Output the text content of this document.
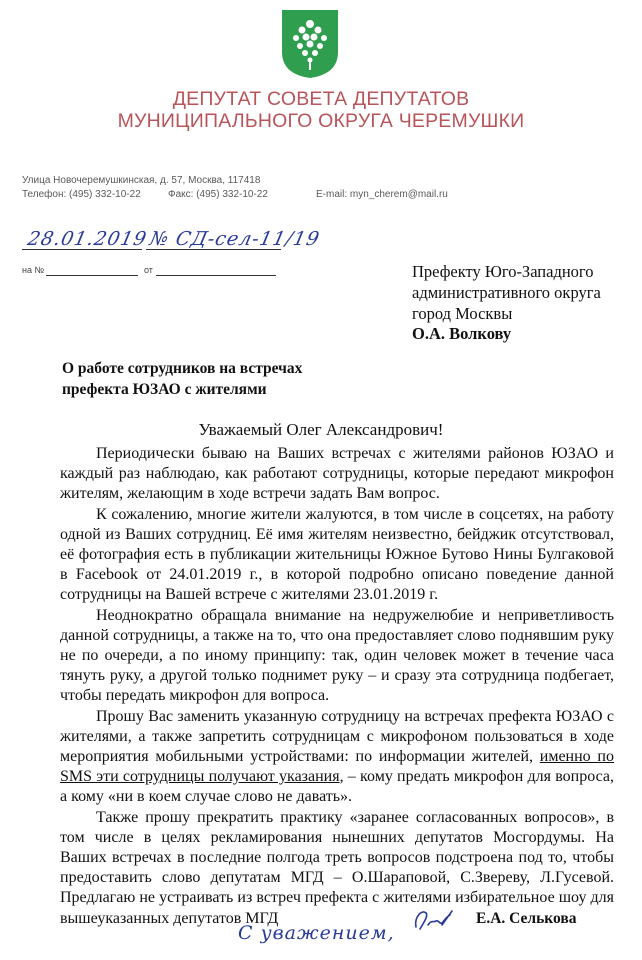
ДЕПУТАТ СОВЕТА ДЕПУТАТОВ
МУНИЦИПАЛЬНОГО ОКРУГА ЧЕРЕМУШКИ
Улица Новочеремушкинская, д. 57, Москва, 117418
Телефон: (495) 332-10-22	Факс: (495) 332-10-22	E-mail: myn_cherem@mail.ru
28.01.2019
№ СД-сел-11/19
на №	от	Префекту Юго-Западного
административного округа
город Москвы
О.А. Волкову
О работе сотрудников на встречах
префекта ЮЗАО с жителями
Уважаемый Олег Александрович!

Периодически бываю на Ваших встречах с жителями районов ЮЗАО и каждый раз наблюдаю, как работают сотрудницы, которые передают микрофон жителям, желающим в ходе встречи задать Вам вопрос.

К сожалению, многие жители жалуются, в том числе в соцсетях, на работу одной из Ваших сотрудниц. Её имя жителям неизвестно, бейджик отсутствовал, её фотография есть в публикации жительницы Южное Бутово Нины Булгаковой в Facebook от 24.01.2019 г., в которой подробно описано поведение данной сотрудницы на Вашей встрече с жителями 23.01.2019 г.

Неоднократно обращала внимание на недружелюбие и неприветливость данной сотрудницы, а также на то, что она предоставляет слово поднявшим руку не по очереди, а по иному принципу: так, один человек может в течение часа тянуть руку, а другой только поднимет руку – и сразу эта сотрудница подбегает, чтобы передать микрофон для вопроса.

Прошу Вас заменить указанную сотрудницу на встречах префекта ЮЗАО с жителями, а также запретить сотрудницам с микрофоном пользоваться в ходе мероприятия мобильными устройствами: по информации жителей, именно по SMS эти сотрудницы получают указания, – кому предать микрофон для вопроса, а кому «ни в коем случае слово не давать».

Также прошу прекратить практику «заранее согласованных вопросов», в том числе в целях рекламирования нынешних депутатов Мосгордумы. На Ваших встречах в последние полгода треть вопросов подстроена под то, чтобы предоставить слово депутатам МГД – О.Шараповой, С.Звереву, Л.Гусевой. Предлагаю не устраивать из встреч префекта с жителями избирательное шоу для вышеуказанных депутатов МГД

С уважением,
Е.А. Селькова
